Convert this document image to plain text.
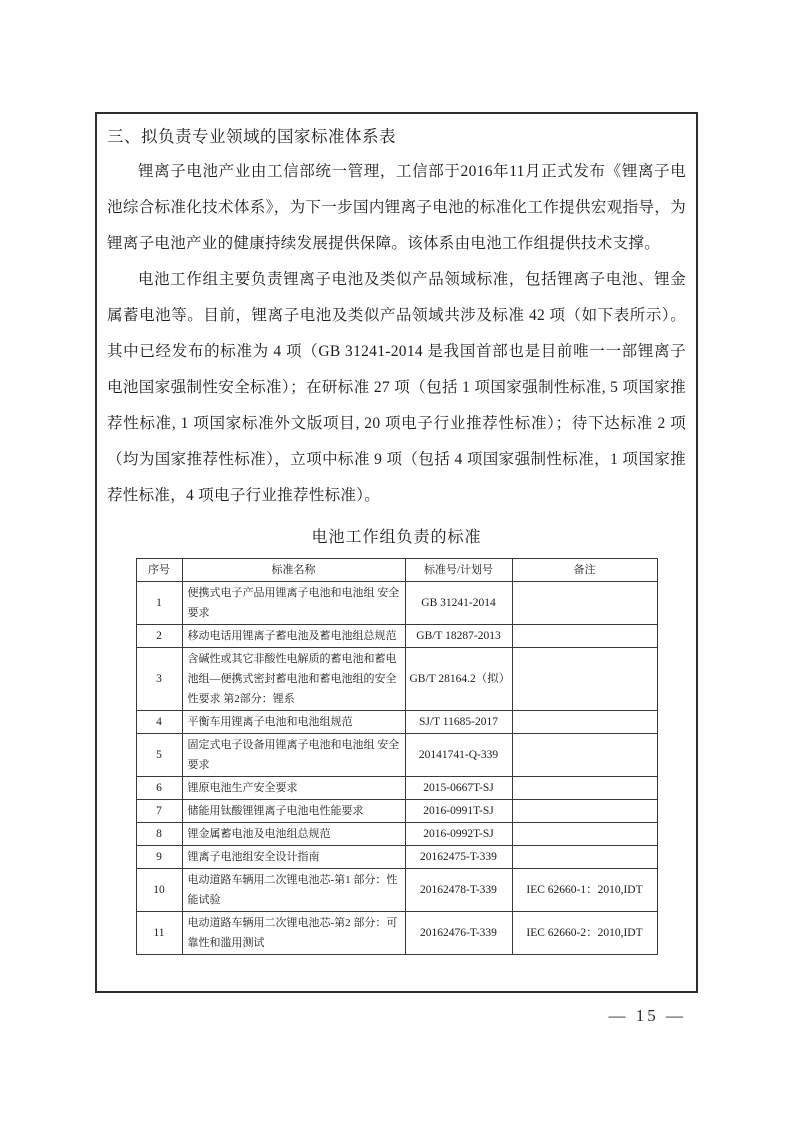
三、拟负责专业领域的国家标准体系表

锂离子电池产业由工信部统一管理，工信部于2016年11月正式发布《锂离子电池综合标准化技术体系》，为下一步国内锂离子电池的标准化工作提供宏观指导，为锂离子电池产业的健康持续发展提供保障。该体系由电池工作组提供技术支撑。

电池工作组主要负责锂离子电池及类似产品领域标准，包括锂离子电池、锂金属蓄电池等。目前，锂离子电池及类似产品领域共涉及标准 42 项（如下表所示）。其中已经发布的标准为 4 项（GB 31241-2014 是我国首部也是目前唯一一部锂离子电池国家强制性安全标准）；在研标准 27 项（包括 1 项国家强制性标准, 5 项国家推荐性标准, 1 项国家标准外文版项目, 20 项电子行业推荐性标准）；待下达标准 2 项（均为国家推荐性标准），立项中标准 9 项（包括 4 项国家强制性标准，1 项国家推荐性标准，4 项电子行业推荐性标准）。

电池工作组负责的标准
序号	标准名称	标准号/计划号	备注
1	便携式电子产品用锂离子电池和电池组 安全要求	GB 31241-2014	
2	移动电话用锂离子蓄电池及蓄电池组总规范	GB/T 18287-2013	
3	含碱性或其它非酸性电解质的蓄电池和蓄电池组—便携式密封蓄电池和蓄电池组的安全性要求 第2部分：锂系	GB/T 28164.2（拟）	
4	平衡车用锂离子电池和电池组规范	SJ/T 11685-2017	
5	固定式电子设备用锂离子电池和电池组 安全要求	20141741-Q-339	
6	锂原电池生产安全要求	2015-0667T-SJ	
7	储能用钛酸锂锂离子电池电性能要求	2016-0991T-SJ	
8	锂金属蓄电池及电池组总规范	2016-0992T-SJ	
9	锂离子电池组安全设计指南	20162475-T-339	
10	电动道路车辆用二次锂电池芯-第1 部分：性能试验	20162478-T-339	IEC 62660-1：2010,IDT
11	电动道路车辆用二次锂电池芯-第2 部分：可靠性和滥用测试	20162476-T-339	IEC 62660-2：2010,IDT
— 15 —
